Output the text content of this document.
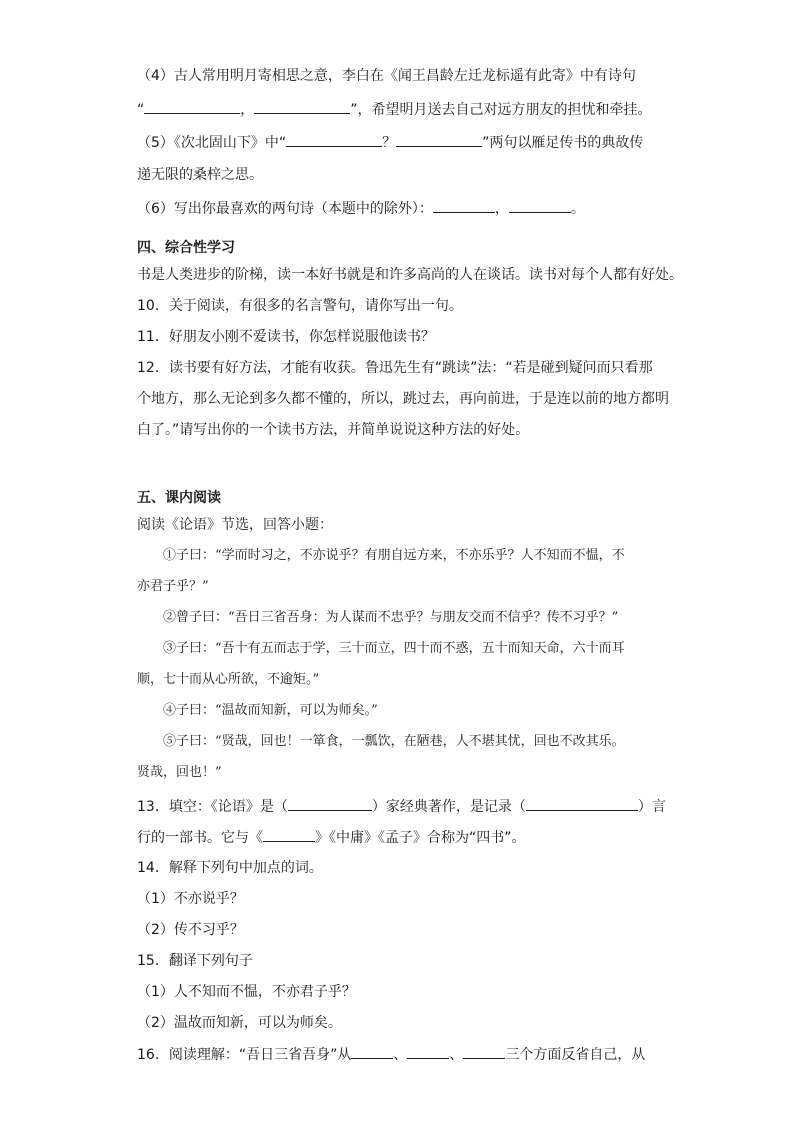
（4）古人常用明月寄相思之意，李白在《闻王昌龄左迁龙标遥有此寄》中有诗句
“	，	”，希望明月送去自己对远方朋友的担忧和牵挂。
（5）《次北固山下》中“	？	”两句以雁足传书的典故传
递无限的桑梓之思。
（6）写出你最喜欢的两句诗（本题中的除外）：	，	。
四、综合性学习
书是人类进步的阶梯，读一本好书就是和许多高尚的人在谈话。读书对每个人都有好处。
10．关于阅读，有很多的名言警句，请你写出一句。
11．好朋友小刚不爱读书，你怎样说服他读书？
12．读书要有好方法，才能有收获。鲁迅先生有“跳读”法：“若是碰到疑问而只看那
个地方，那么无论到多久都不懂的，所以，跳过去，再向前进，于是连以前的地方都明
白了。”请写出你的一个读书方法，并简单说说这种方法的好处。
五、课内阅读
阅读《论语》节选，回答小题：
①子曰：“学而时习之，不亦说乎？有朋自远方来，不亦乐乎？人不知而不愠，不
亦君子乎？”
②曾子曰：“吾日三省吾身：为人谋而不忠乎？与朋友交而不信乎？传不习乎？”
③子曰：“吾十有五而志于学，三十而立，四十而不惑，五十而知天命，六十而耳
顺，七十而从心所欲，不逾矩。”
④子曰：“温故而知新，可以为师矣。”
⑤子曰：“贤哉，回也！一箪食，一瓢饮，在陋巷，人不堪其忧，回也不改其乐。
贤哉，回也！”
13．填空：《论语》是（	）家经典著作，是记录（	）言
行的一部书。它与《	》《中庸》《孟子》合称为“四书”。
14．解释下列句中加点的词。
（1）不亦说乎？
（2）传不习乎？
15．翻译下列句子
（1）人不知而不愠，不亦君子乎？
（2）温故而知新，可以为师矣。
16．阅读理解：“吾日三省吾身”从	、	、	三个方面反省自己，从
